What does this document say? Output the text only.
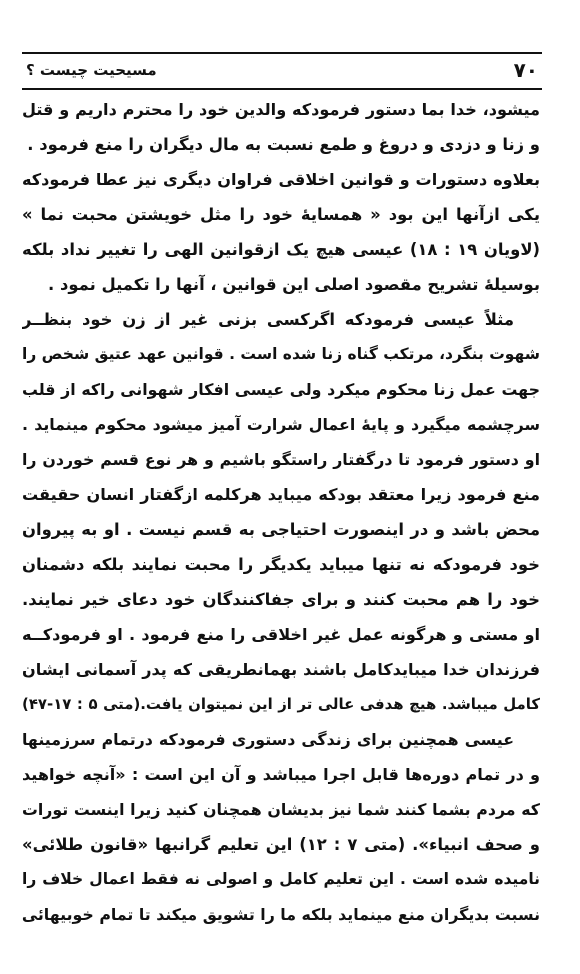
۷۰
مسیحیت چیست ؟
میشود، خدا بما دستور فرمودکه والدین خود را محترم داریم و قتل
و زنا و دزدی و دروغ و طمع نسبت به مال دیگران را منع فرمود .
بعلاوه دستورات و قوانین اخلاقی فراوان دیگری نیز عطا فرمودکه
یکی ازآنها این بود « همسایهٔ خود را مثل خویشتن محبت نما »
(لاویان ۱۹ : ۱۸) عیسی هیچ یک ازقوانین الهی را تغییر نداد بلکه
بوسیلهٔ تشریح مقصود اصلی این قوانین ، آنها را تکمیل نمود .
مثلاً عیسی فرمودکه اگرکسی بزنی غیر از زن خود بنظــر
شهوت بنگرد، مرتکب گناه زنا شده است . قوانین عهد عتیق شخص را
جهت عمل زنا محکوم میکرد ولی عیسی افکار شهوانی راکه از قلب
سرچشمه میگیرد و پایهٔ اعمال شرارت آمیز میشود محکوم مینماید .
او دستور فرمود تا درگفتار راستگو باشیم و هر نوع قسم خوردن را
منع فرمود زیرا معتقد بودکه میباید هرکلمه ازگفتار انسان حقیقت
محض باشد و در اینصورت احتیاجی به قسم نیست . او به پیروان
خود فرمودکه نه تنها میباید یکدیگر را محبت نمایند بلکه دشمنان
خود را هم محبت کنند و برای جفاکنندگان خود دعای خیر نمایند.
او مستی و هرگونه عمل غیر اخلاقی را منع فرمود . او فرمودکــه
فرزندان خدا میبایدکامل باشند بهمانطریقی که پدر آسمانی ایشان
کامل میباشد. هیچ هدفی عالی تر از این نمیتوان یافت.(متی ۵ : ۱۷-۴۷)
عیسی همچنین برای زندگی دستوری فرمودکه درتمام سرزمینها
و در تمام دوره‌ها قابل اجرا میباشد و آن این است : «آنچه خواهید
که مردم بشما کنند شما نیز بدیشان همچنان کنید زیرا اینست تورات
و صحف انبیاء». (متی ۷ : ۱۲) این تعلیم گرانبها «قانون طلائی»
نامیده شده است . این تعلیم کامل و اصولی نه فقط اعمال خلاف را
نسبت بدیگران منع مینماید بلکه ما را تشویق میکند تا تمام خوبیهائی
